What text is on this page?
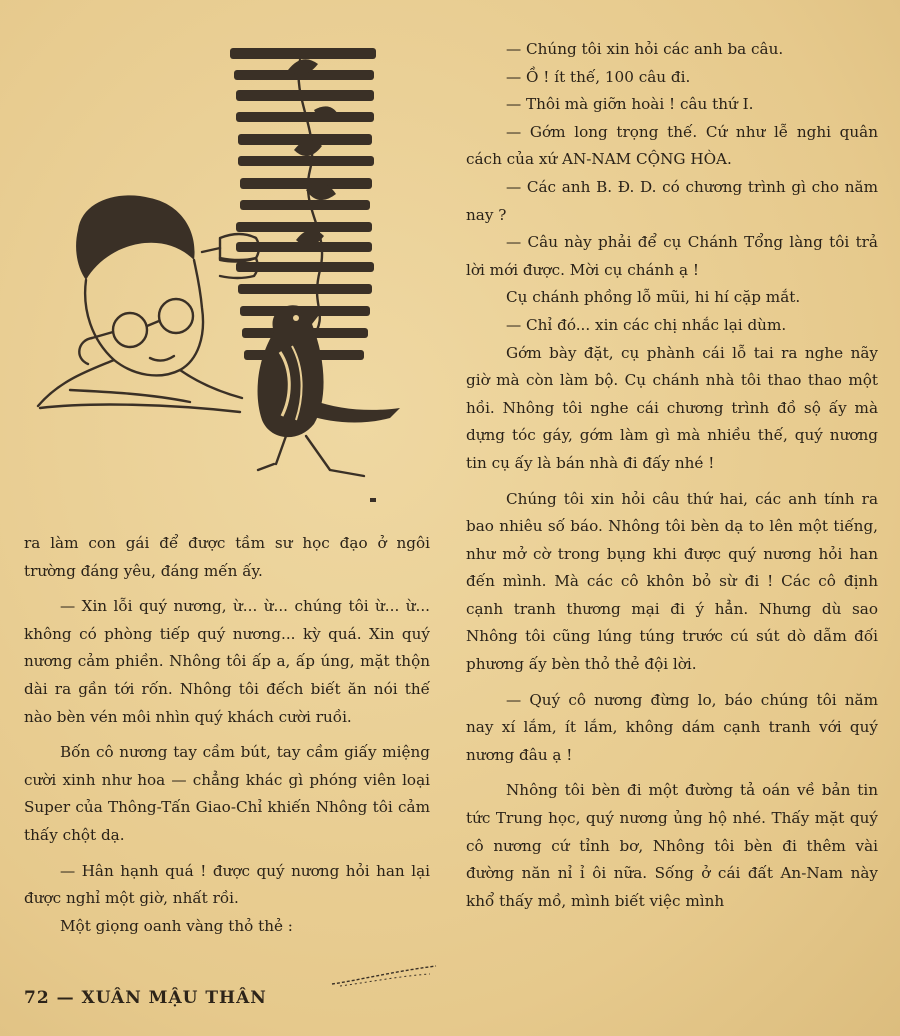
ra làm con gái để được tầm sư học đạo ở ngôi trường đáng yêu, đáng mến ấy.

— Xin lỗi quý nương, ừ... ừ... chúng tôi ừ... ừ... không có phòng tiếp quý nương... kỳ quá. Xin quý nương cảm phiền. Nhông tôi ấp a, ấp úng, mặt thộn dài ra gần tới rốn. Nhông tôi đếch biết ăn nói thế nào bèn vén môi nhìn quý khách cười ruồi.

Bốn cô nương tay cầm bút, tay cầm giấy miệng cười xinh như hoa — chẳng khác gì phóng viên loại Super của Thông-Tấn Giao-Chỉ khiến Nhông tôi cảm thấy chột dạ.

— Hân hạnh quá ! được quý nương hỏi han lại được nghỉ một giờ, nhất rồi.

Một giọng oanh vàng thỏ thẻ :

— Chúng tôi xin hỏi các anh ba câu.

— Ồ ! ít thế, 100 câu đi.

— Thôi mà giỡn hoài ! câu thứ I.

— Gớm long trọng thế. Cứ như lễ nghi quân cách của xứ AN-NAM CỘNG HÒA.

— Các anh B. Đ. D. có chương trình gì cho năm nay ?

— Câu này phải để cụ Chánh Tổng làng tôi trả lời mới được. Mời cụ chánh ạ !

Cụ chánh phồng lỗ mũi, hi hí cặp mắt.

— Chỉ đó... xin các chị nhắc lại dùm.

Gớm bày đặt, cụ phành cái lỗ tai ra nghe nãy giờ mà còn làm bộ. Cụ chánh nhà tôi thao thao một hồi. Nhông tôi nghe cái chương trình đồ sộ ấy mà dựng tóc gáy, gớm làm gì mà nhiều thế, quý nương tin cụ ấy là bán nhà đi đấy nhé !

Chúng tôi xin hỏi câu thứ hai, các anh tính ra bao nhiêu số báo. Nhông tôi bèn dạ to lên một tiếng, như mở cờ trong bụng khi được quý nương hỏi han đến mình. Mà các cô khôn bỏ sừ đi ! Các cô định cạnh tranh thương mại đi ý hẳn. Nhưng dù sao Nhông tôi cũng lúng túng trước cú sút dò dẫm đối phương ấy bèn thỏ thẻ đội lời.

— Quý cô nương đừng lo, báo chúng tôi năm nay xí lắm, ít lắm, không dám cạnh tranh với quý nương đâu ạ !

Nhông tôi bèn đi một đường tả oán về bản tin tức Trung học, quý nương ủng hộ nhé. Thấy mặt quý cô nương cứ tỉnh bơ, Nhông tôi bèn đi thêm vài đường năn nỉ ỉ ôi nữa. Sống ở cái đất An-Nam này khổ thấy mồ, mình biết việc mình

72 — XUÂN MẬU THÂN
